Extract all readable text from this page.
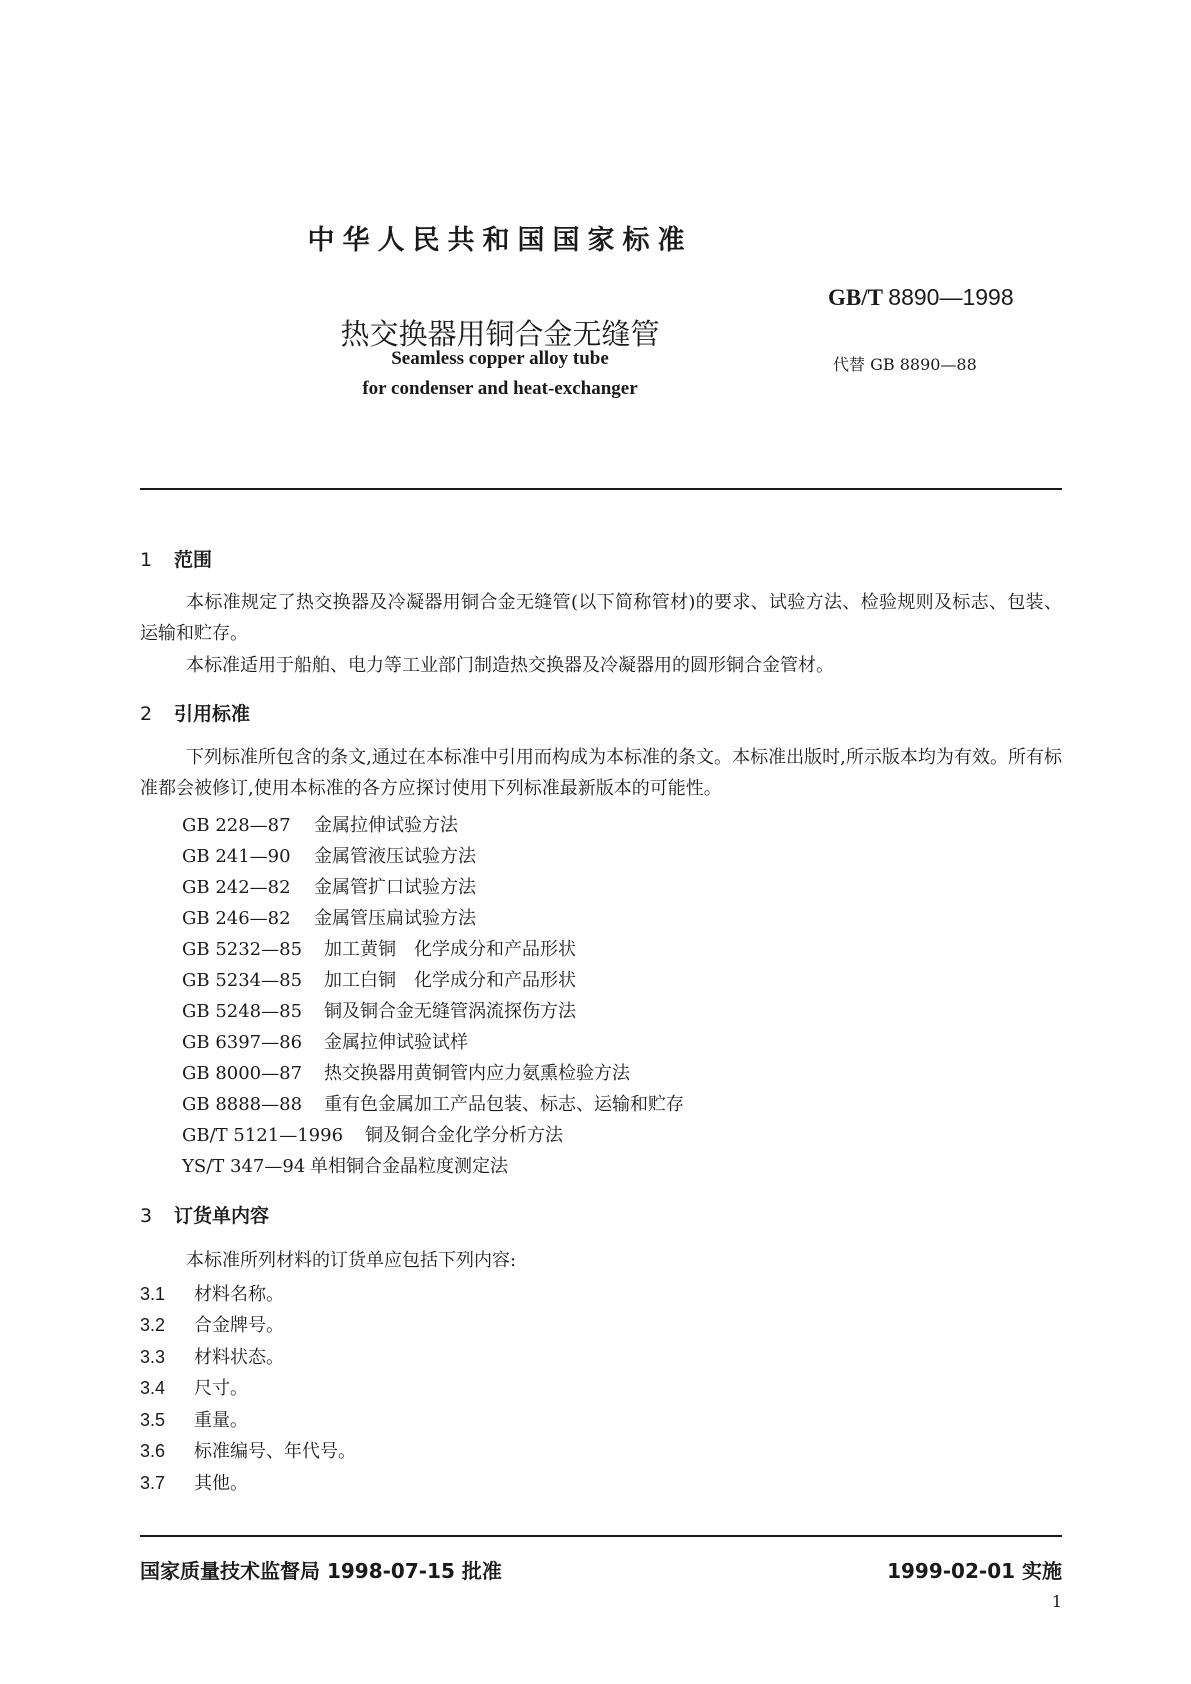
中华人民共和国国家标准
GB/T 8890—1998
热交换器用铜合金无缝管
代替 GB 8890—88
Seamless copper alloy tube
for condenser and heat-exchanger
1 范围
本标准规定了热交换器及冷凝器用铜合金无缝管(以下简称管材)的要求、试验方法、检验规则及标志、包装、运输和贮存。
本标准适用于船舶、电力等工业部门制造热交换器及冷凝器用的圆形铜合金管材。
2 引用标准
下列标准所包含的条文,通过在本标准中引用而构成为本标准的条文。本标准出版时,所示版本均为有效。所有标准都会被修订,使用本标准的各方应探讨使用下列标准最新版本的可能性。
GB 228—87 金属拉伸试验方法
GB 241—90 金属管液压试验方法
GB 242—82 金属管扩口试验方法
GB 246—82 金属管压扁试验方法
GB 5232—85 加工黄铜　化学成分和产品形状
GB 5234—85 加工白铜　化学成分和产品形状
GB 5248—85 铜及铜合金无缝管涡流探伤方法
GB 6397—86 金属拉伸试验试样
GB 8000—87 热交换器用黄铜管内应力氨熏检验方法
GB 8888—88 重有色金属加工产品包装、标志、运输和贮存
GB/T 5121—1996 铜及铜合金化学分析方法
YS/T 347—94 单相铜合金晶粒度测定法
3 订货单内容
本标准所列材料的订货单应包括下列内容:
3.1 材料名称。
3.2 合金牌号。
3.3 材料状态。
3.4 尺寸。
3.5 重量。
3.6 标准编号、年代号。
3.7 其他。
国家质量技术监督局 1998-07-15 批准	1999-02-01 实施
1
